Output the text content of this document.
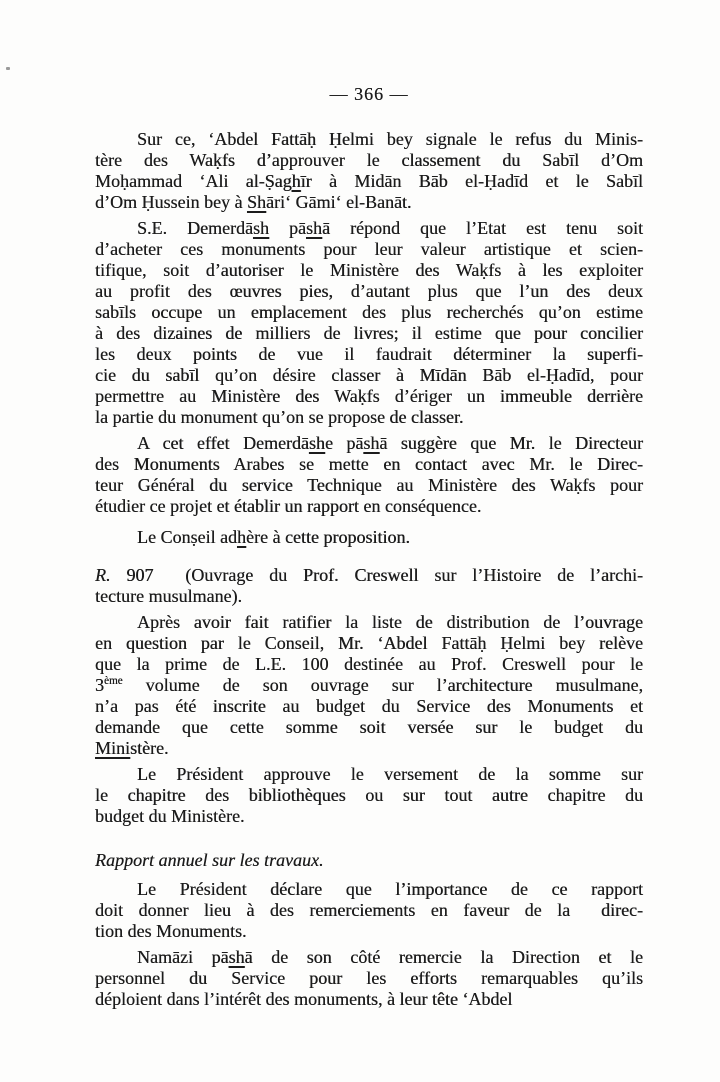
— 366 —
Sur ce, ‘Abdel Fattāḥ Ḥelmi bey signale le refus du Minis-
tère des Waḳfs d’approuver le classement du Sabīl d’Om
Moḥammad ‘Ali al-Ṣaghīr à Midān Bāb el-Ḥadīd et le Sabīl
d’Om Ḥussein bey à Shāri‘ Gāmi‘ el-Banāt.
S.E. Demerdāsh pāshā répond que l’Etat est tenu soit
d’acheter ces monuments pour leur valeur artistique et scien-
tifique, soit d’autoriser le Ministère des Waḳfs à les exploiter
au profit des œuvres pies, d’autant plus que l’un des deux
sabīls occupe un emplacement des plus recherchés qu’on estime
à des dizaines de milliers de livres; il estime que pour concilier
les deux points de vue il faudrait déterminer la superfi-
cie du sabīl qu’on désire classer à Mīdān Bāb el-Ḥadīd, pour
permettre au Ministère des Waḳfs d’ériger un immeuble derrière
la partie du monument qu’on se propose de classer.
A cet effet Demerdāshe pāshā suggère que Mr. le Directeur
des Monuments Arabes se mette en contact avec Mr. le Direc-
teur Général du service Technique au Ministère des Waḳfs pour
étudier ce projet et établir un rapport en conséquence.
Le Conṣeil adhère à cette proposition.
R. 907  (Ouvrage du Prof. Creswell sur l’Histoire de l’archi-
tecture musulmane).
Après avoir fait ratifier la liste de distribution de l’ouvrage
en question par le Conseil, Mr. ‘Abdel Fattāḥ Ḥelmi bey relève
que la prime de L.E. 100 destinée au Prof. Creswell pour le
3ème volume de son ouvrage sur l’architecture musulmane,
n’a pas été inscrite au budget du Service des Monuments et
demande que cette somme soit versée sur le budget du
Ministère.
Le Président approuve le versement de la somme sur
le chapitre des bibliothèques ou sur tout autre chapitre du
budget du Ministère.
Rapport annuel sur les travaux.
Le Président déclare que l’importance de ce rapport
doit donner lieu à des remerciements en faveur de la  direc-
tion des Monuments.
Namāzi pāshā de son côté remercie la Direction et le
personnel du Service pour les efforts remarquables qu’ils
déploient dans l’intérêt des monuments, à leur tête ‘Abdel
